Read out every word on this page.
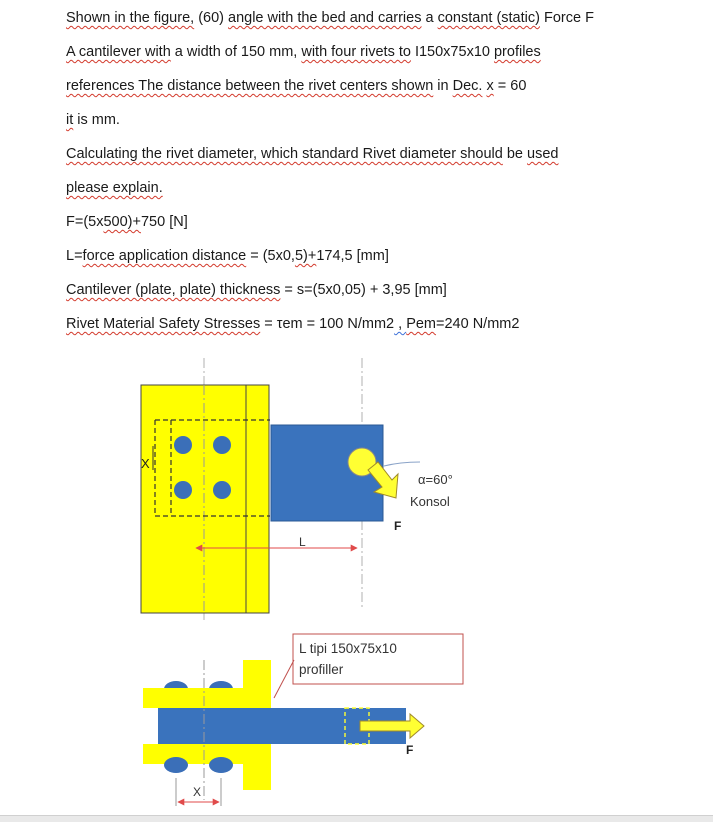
Shown in the figure, (60) angle with the bed and carries a constant (static) Force F
A cantilever with a width of 150 mm, with four rivets to I150x75x10 profiles
references The distance between the rivet centers shown in Dec. x = 60
it is mm.
Calculating the rivet diameter, which standard Rivet diameter should be used
please explain.
F=(5x500)+750 [N]
L=force application distance = (5x0,5)+174,5 [mm]
Cantilever (plate, plate) thickness = s=(5x0,05) + 3,95 [mm]
Rivet Material Safety Stresses = τem = 100 N/mm2 , Pem=240 N/mm2
X
α=60°
Konsol
F
L
L tipi 150x75x10
profiller
F
X
